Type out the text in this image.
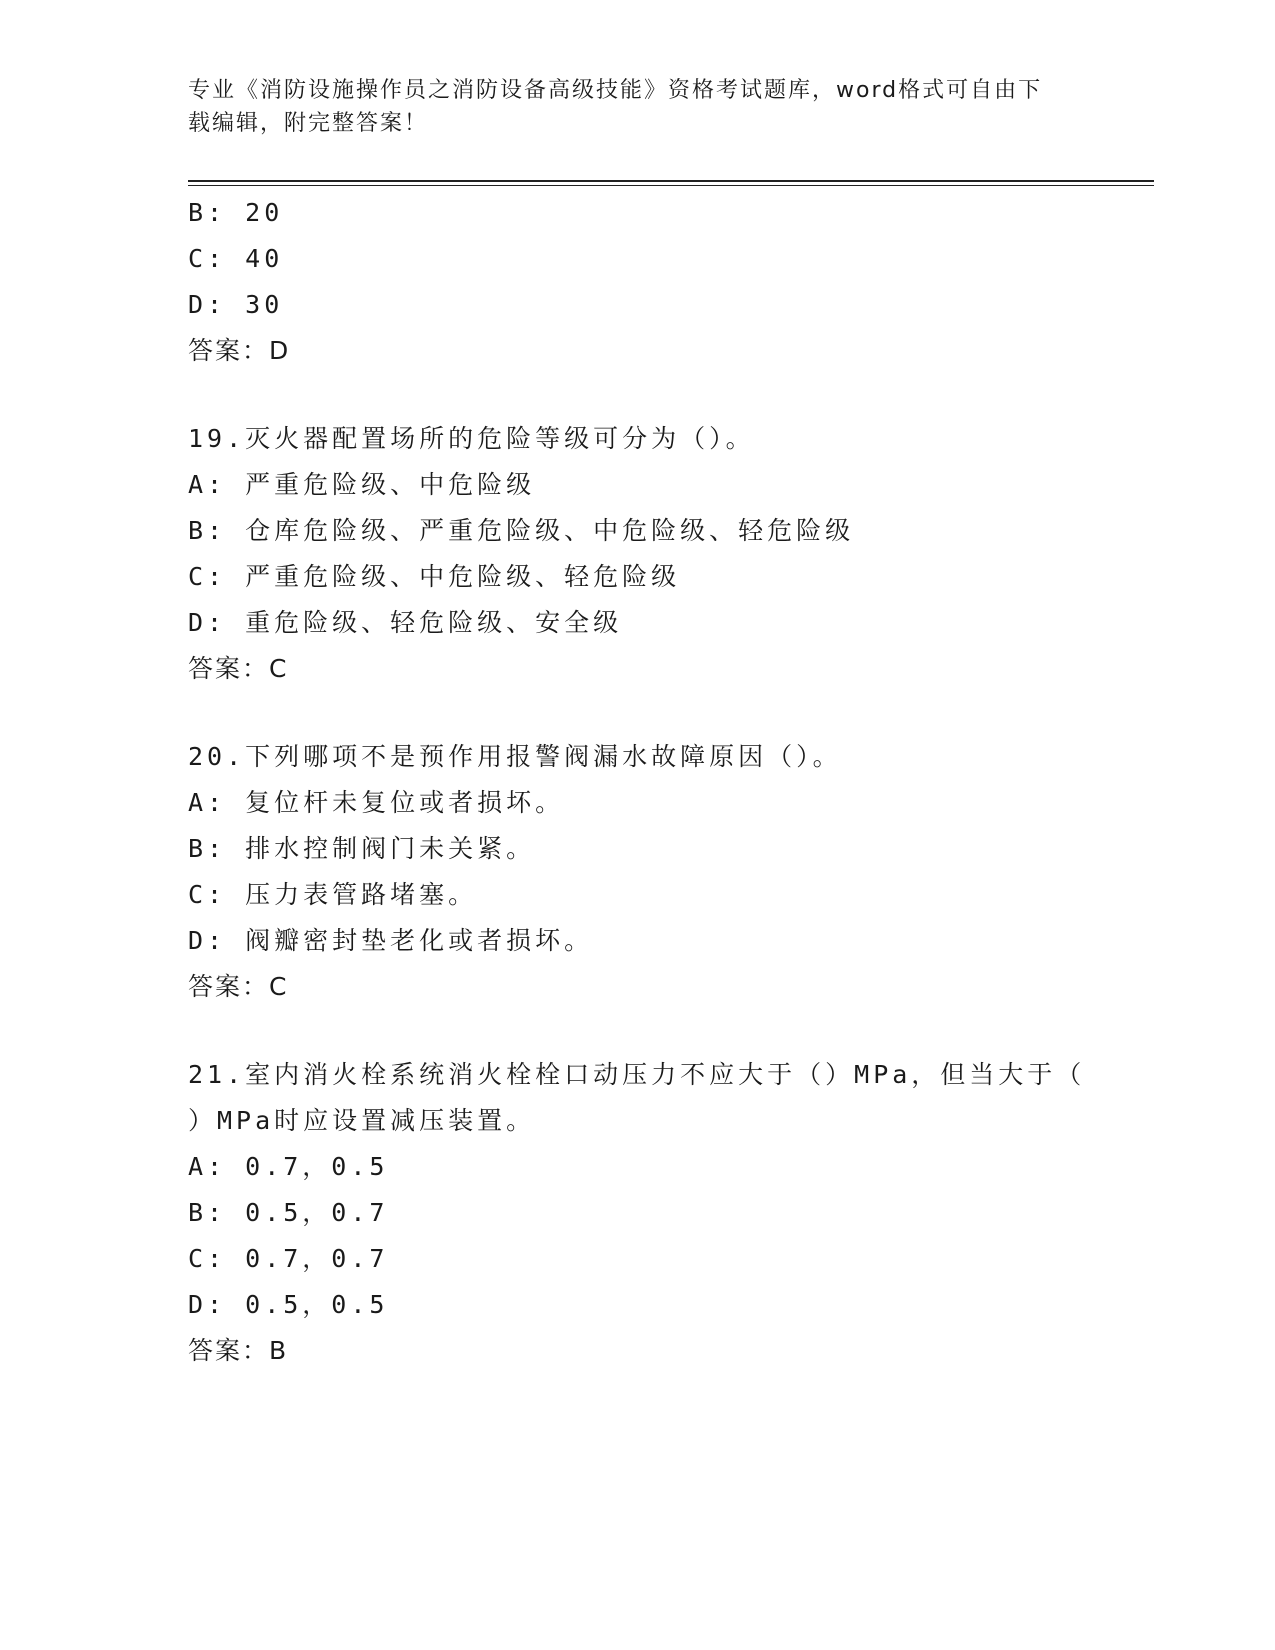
专业《消防设施操作员之消防设备高级技能》资格考试题库，word格式可自由下
载编辑，附完整答案！
B: 20
C: 40
D: 30
答案：D
19.灭火器配置场所的危险等级可分为（）。
A: 严重危险级、中危险级
B: 仓库危险级、严重危险级、中危险级、轻危险级
C: 严重危险级、中危险级、轻危险级
D: 重危险级、轻危险级、安全级
答案：C
20.下列哪项不是预作用报警阀漏水故障原因（）。
A: 复位杆未复位或者损坏。
B: 排水控制阀门未关紧。
C: 压力表管路堵塞。
D: 阀瓣密封垫老化或者损坏。
答案：C
21.室内消火栓系统消火栓栓口动压力不应大于（）MPa，但当大于（
）MPa时应设置减压装置。
A: 0.7，0.5
B: 0.5，0.7
C: 0.7，0.7
D: 0.5，0.5
答案：B
